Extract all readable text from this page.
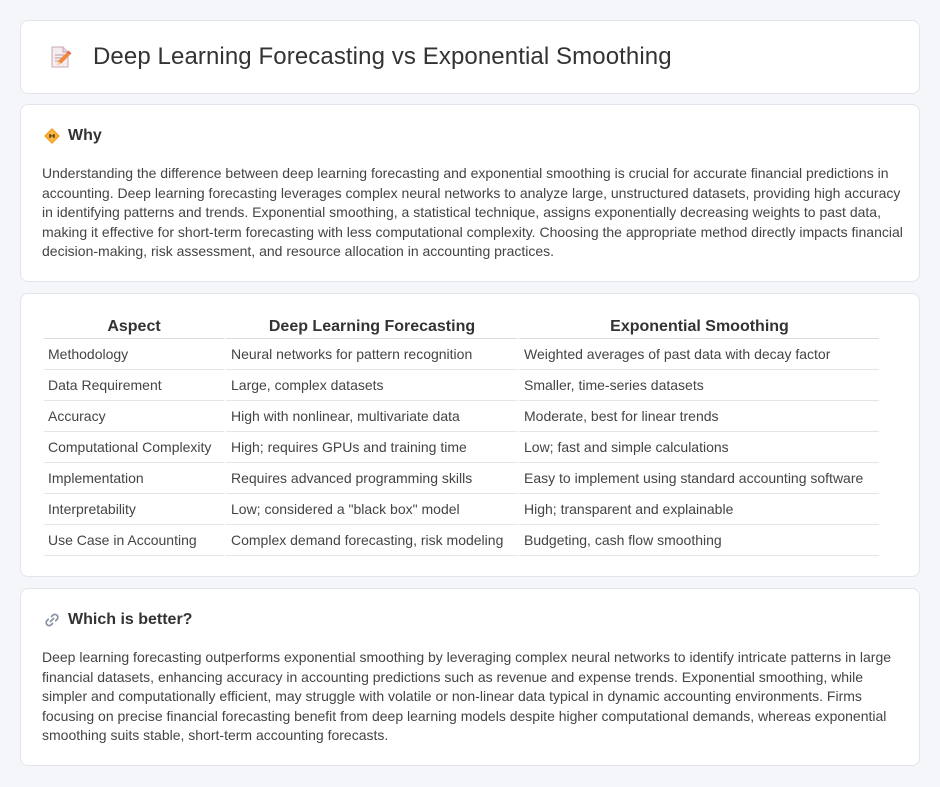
Deep Learning Forecasting vs Exponential Smoothing
Why

Understanding the difference between deep learning forecasting and exponential smoothing is crucial for accurate financial predictions in accounting. Deep learning forecasting leverages complex neural networks to analyze large, unstructured datasets, providing high accuracy in identifying patterns and trends. Exponential smoothing, a statistical technique, assigns exponentially decreasing weights to past data, making it effective for short-term forecasting with less computational complexity. Choosing the appropriate method directly impacts financial decision-making, risk assessment, and resource allocation in accounting practices.

Aspect	Deep Learning Forecasting	Exponential Smoothing
Methodology	Neural networks for pattern recognition	Weighted averages of past data with decay factor
Data Requirement	Large, complex datasets	Smaller, time-series datasets
Accuracy	High with nonlinear, multivariate data	Moderate, best for linear trends
Computational Complexity	High; requires GPUs and training time	Low; fast and simple calculations
Implementation	Requires advanced programming skills	Easy to implement using standard accounting software
Interpretability	Low; considered a "black box" model	High; transparent and explainable
Use Case in Accounting	Complex demand forecasting, risk modeling	Budgeting, cash flow smoothing
Which is better?

Deep learning forecasting outperforms exponential smoothing by leveraging complex neural networks to identify intricate patterns in large financial datasets, enhancing accuracy in accounting predictions such as revenue and expense trends. Exponential smoothing, while simpler and computationally efficient, may struggle with volatile or non-linear data typical in dynamic accounting environments. Firms focusing on precise financial forecasting benefit from deep learning models despite higher computational demands, whereas exponential smoothing suits stable, short-term accounting forecasts.
